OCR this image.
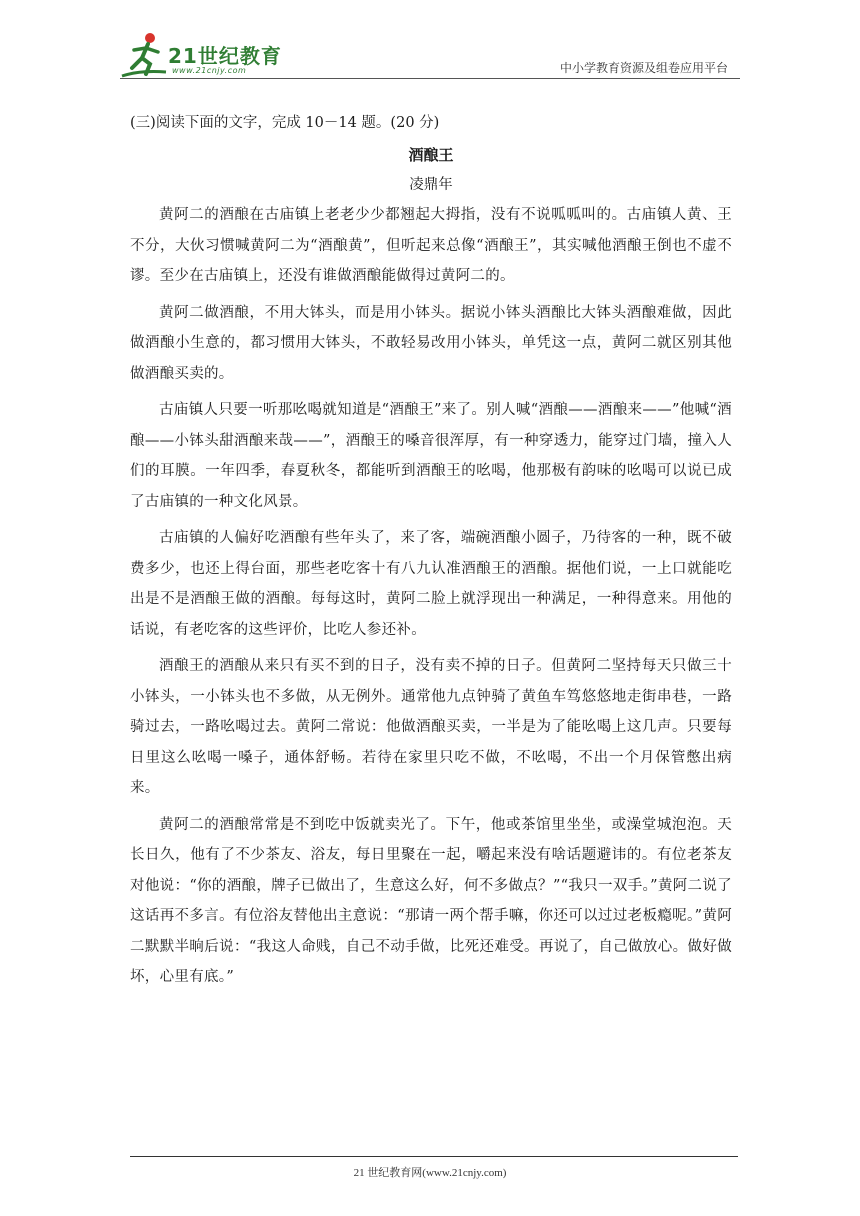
21世纪教育
www.21cnjy.com	中小学教育资源及组卷应用平台

(三)阅读下面的文字，完成 10－14 题。(20 分)

酒酿王

凌鼎年

黄阿二的酒酿在古庙镇上老老少少都翘起大拇指，没有不说呱呱叫的。古庙镇人黄、王不分，大伙习惯喊黄阿二为“酒酿黄”，但听起来总像“酒酿王”，其实喊他酒酿王倒也不虚不谬。至少在古庙镇上，还没有谁做酒酿能做得过黄阿二的。

黄阿二做酒酿，不用大钵头，而是用小钵头。据说小钵头酒酿比大钵头酒酿难做，因此做酒酿小生意的，都习惯用大钵头，不敢轻易改用小钵头，单凭这一点，黄阿二就区别其他做酒酿买卖的。

古庙镇人只要一听那吆喝就知道是“酒酿王”来了。别人喊“酒酿——酒酿来——”他喊“酒酿——小钵头甜酒酿来哉——”，酒酿王的嗓音很浑厚，有一种穿透力，能穿过门墙，撞入人们的耳膜。一年四季，春夏秋冬，都能听到酒酿王的吆喝，他那极有韵味的吆喝可以说已成了古庙镇的一种文化风景。

古庙镇的人偏好吃酒酿有些年头了，来了客，端碗酒酿小圆子，乃待客的一种，既不破费多少，也还上得台面，那些老吃客十有八九认准酒酿王的酒酿。据他们说，一上口就能吃出是不是酒酿王做的酒酿。每每这时，黄阿二脸上就浮现出一种满足，一种得意来。用他的话说，有老吃客的这些评价，比吃人参还补。

酒酿王的酒酿从来只有买不到的日子，没有卖不掉的日子。但黄阿二坚持每天只做三十小钵头，一小钵头也不多做，从无例外。通常他九点钟骑了黄鱼车笃悠悠地走街串巷，一路骑过去，一路吆喝过去。黄阿二常说：他做酒酿买卖，一半是为了能吆喝上这几声。只要每日里这么吆喝一嗓子，通体舒畅。若待在家里只吃不做，不吆喝，不出一个月保管憋出病来。

黄阿二的酒酿常常是不到吃中饭就卖光了。下午，他或茶馆里坐坐，或澡堂城泡泡。天长日久，他有了不少茶友、浴友，每日里聚在一起，嚼起来没有啥话题避讳的。有位老茶友对他说：“你的酒酿，牌子已做出了，生意这么好，何不多做点？”“我只一双手。”黄阿二说了这话再不多言。有位浴友替他出主意说：“那请一两个帮手嘛，你还可以过过老板瘾呢。”黄阿二默默半晌后说：“我这人命贱，自己不动手做，比死还难受。再说了，自己做放心。做好做坏，心里有底。”

21 世纪教育网(www.21cnjy.com)
